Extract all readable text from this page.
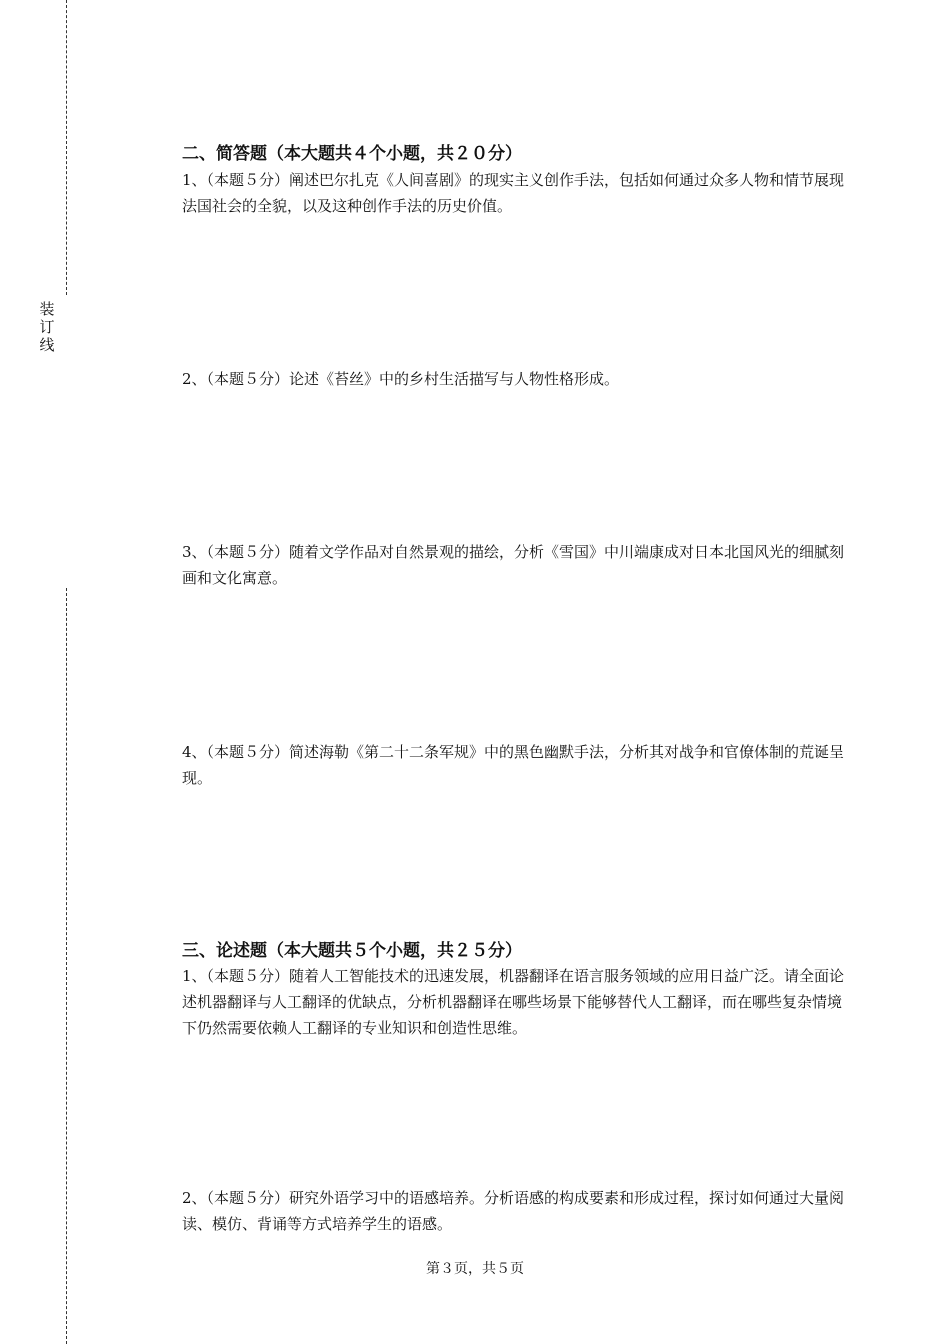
装
订
线

二、简答题（本大题共４个小题，共２０分）

1、（本题５分）阐述巴尔扎克《人间喜剧》的现实主义创作手法，包括如何通过众多人物和情节展现法国社会的全貌，以及这种创作手法的历史价值。

2、（本题５分）论述《苔丝》中的乡村生活描写与人物性格形成。

3、（本题５分）随着文学作品对自然景观的描绘，分析《雪国》中川端康成对日本北国风光的细腻刻画和文化寓意。

4、（本题５分）简述海勒《第二十二条军规》中的黑色幽默手法，分析其对战争和官僚体制的荒诞呈现。

三、论述题（本大题共５个小题，共２５分）

1、（本题５分）随着人工智能技术的迅速发展，机器翻译在语言服务领域的应用日益广泛。请全面论述机器翻译与人工翻译的优缺点，分析机器翻译在哪些场景下能够替代人工翻译，而在哪些复杂情境下仍然需要依赖人工翻译的专业知识和创造性思维。

2、（本题５分）研究外语学习中的语感培养。分析语感的构成要素和形成过程，探讨如何通过大量阅读、模仿、背诵等方式培养学生的语感。

第３页，共５页
